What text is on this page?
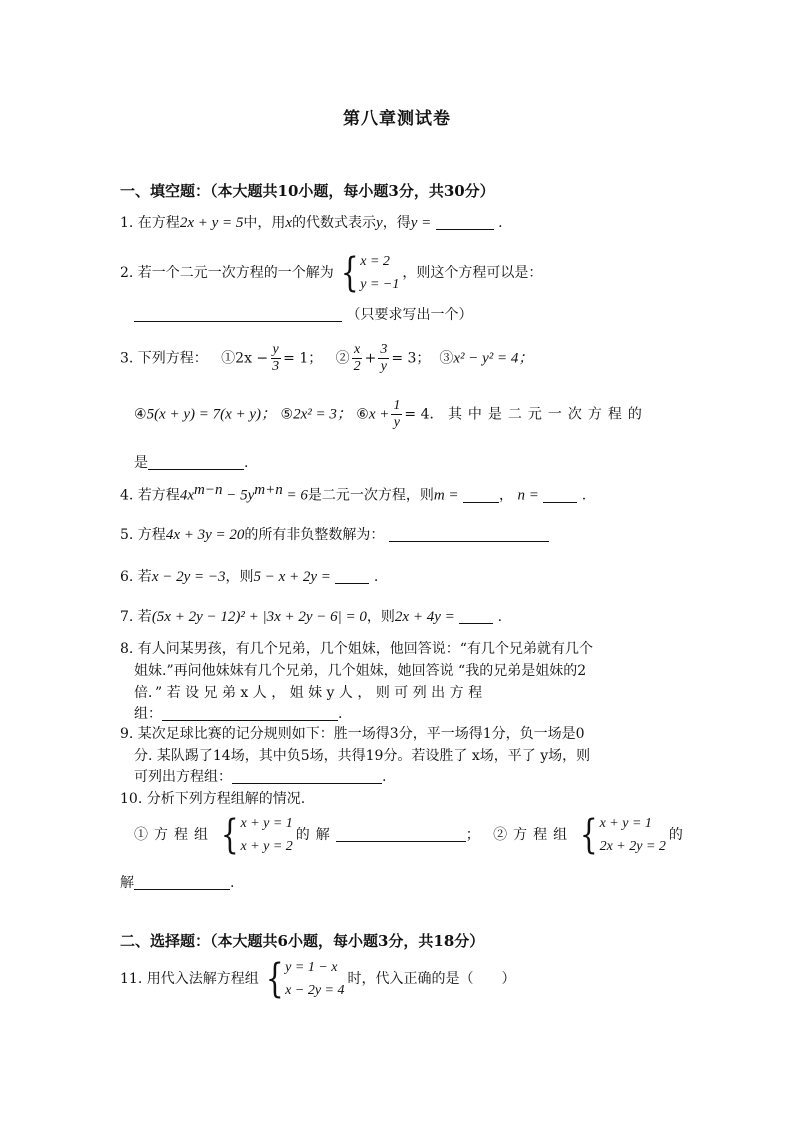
第八章测试卷
一、填空题：（本大题共10小题，每小题3分，共30分）
1. 在方程2x + y = 5中，用x的代数式表示y，得y =	.
2. 若一个二元一次方程的一个解为 { x = 2
y = −1
，则这个方程可以是：
（只要求写出一个）
3. 下列方程： ①2x − $\frac{y}{3} = 1$； ② $\frac{x}{2} + \frac{3}{y} = 3$； ③x² − y² = 4；
④5(x + y) = 7(x + y)； ⑤2x² = 3； ⑥x + $\frac{1}{y} = 4$． 其中是二元一次方程的
是	.
4. 若方程$4x^{m-n} - 5y^{m+n} = 6$是二元一次方程，则m =	， n =	.
5. 方程4x + 3y = 20的所有非负整数解为：
6. 若x − 2y = −3，则5 − x + 2y =	.
7. 若(5x + 2y − 12)² + |3x + 2y − 6| = 0，则2x + 4y =	.
8. 有人问某男孩，有几个兄弟，几个姐妹，他回答说：“有几个兄弟就有几个
姐妹.”再问他妹妹有几个兄弟，几个姐妹，她回答说 “我的兄弟是姐妹的2
倍．” 若 设 兄 弟 x 人 ， 姐 妹 y 人 ， 则 可 列 出 方 程
组：	.
9. 某次足球比赛的记分规则如下：胜一场得3分，平一场得1分，负一场是0
分. 某队踢了14场，其中负5场，共得19分。若设胜了 x场，平了 y场，则
可列出方程组：	.
10. 分析下列方程组解的情况.
①方程组 { x + y = 1
x + y = 2
的解	； ②方程组 { x + y = 1
2x + 2y = 2
的
解	.
二、选择题：（本大题共6小题，每小题3分，共18分）
11. 用代入法解方程组 { y = 1 − x
x − 2y = 4
时，代入正确的是（　　）
